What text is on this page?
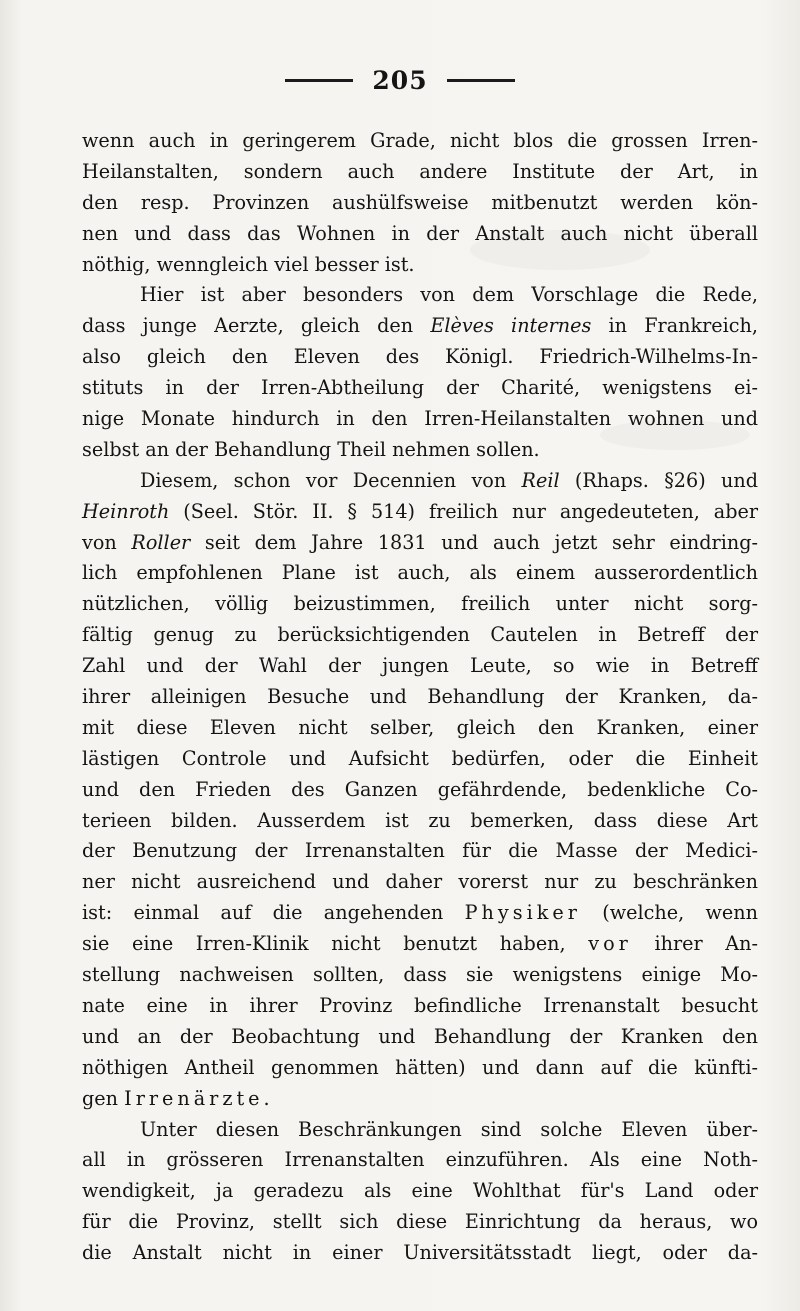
205
wenn auch in geringerem Grade, nicht blos die grossen Irren-
Heilanstalten, sondern auch andere Institute der Art, in
den resp. Provinzen aushülfsweise mitbenutzt werden kön-
nen und dass das Wohnen in der Anstalt auch nicht überall
nöthig, wenngleich viel besser ist.
Hier ist aber besonders von dem Vorschlage die Rede,
dass junge Aerzte, gleich den Elèves internes in Frankreich,
also gleich den Eleven des Königl. Friedrich-Wilhelms-In-
stituts in der Irren-Abtheilung der Charité, wenigstens ei-
nige Monate hindurch in den Irren-Heilanstalten wohnen und
selbst an der Behandlung Theil nehmen sollen.
Diesem, schon vor Decennien von Reil (Rhaps. §26) und
Heinroth (Seel. Stör. II. § 514) freilich nur angedeuteten, aber
von Roller seit dem Jahre 1831 und auch jetzt sehr eindring-
lich empfohlenen Plane ist auch, als einem ausserordentlich
nützlichen, völlig beizustimmen, freilich unter nicht sorg-
fältig genug zu berücksichtigenden Cautelen in Betreff der
Zahl und der Wahl der jungen Leute, so wie in Betreff
ihrer alleinigen Besuche und Behandlung der Kranken, da-
mit diese Eleven nicht selber, gleich den Kranken, einer
lästigen Controle und Aufsicht bedürfen, oder die Einheit
und den Frieden des Ganzen gefährdende, bedenkliche Co-
terieen bilden. Ausserdem ist zu bemerken, dass diese Art
der Benutzung der Irrenanstalten für die Masse der Medici-
ner nicht ausreichend und daher vorerst nur zu beschränken
ist: einmal auf die angehenden Physiker (welche, wenn
sie eine Irren-Klinik nicht benutzt haben, vor ihrer An-
stellung nachweisen sollten, dass sie wenigstens einige Mo-
nate eine in ihrer Provinz befindliche Irrenanstalt besucht
und an der Beobachtung und Behandlung der Kranken den
nöthigen Antheil genommen hätten) und dann auf die künfti-
gen Irrenärzte.
Unter diesen Beschränkungen sind solche Eleven über-
all in grösseren Irrenanstalten einzuführen. Als eine Noth-
wendigkeit, ja geradezu als eine Wohlthat für's Land oder
für die Provinz, stellt sich diese Einrichtung da heraus, wo
die Anstalt nicht in einer Universitätsstadt liegt, oder da-
